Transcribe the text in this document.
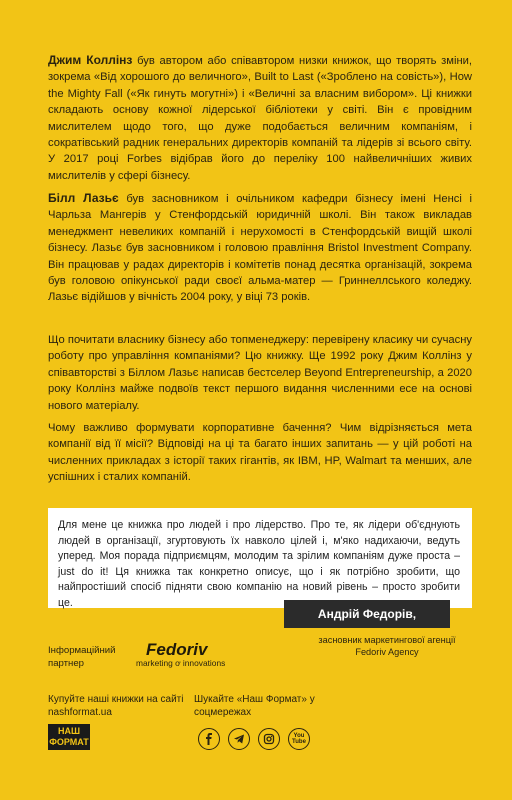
Джим Коллінз був автором або співавтором низки книжок, що творять зміни, зокрема «Від хорошого до величного», Built to Last («Зроблено на совість»), How the Mighty Fall («Як гинуть могутні») і «Величні за власним вибором». Ці книжки складають основу кожної лідерської бібліотеки у світі. Він є провідним мислителем щодо того, що дуже подобається величним компаніям, і сократівський радник генеральних директорів компаній та лідерів зі всього світу. У 2017 році Forbes відібрав його до переліку 100 найвеличніших живих мислителів у сфері бізнесу.
Білл Лазьє був засновником і очільником кафедри бізнесу імені Ненсі і Чарльза Мангерів у Стенфордській юридичній школі. Він також викладав менеджмент невеликих компаній і нерухомості в Стенфордській вищій школі бізнесу. Лазьє був засновником і головою правління Bristol Investment Company. Він працював у радах директорів і комітетів понад десятка організацій, зокрема був головою опікунської ради своєї альма-матер — Гриннеллського коледжу. Лазьє відійшов у вічність 2004 року, у віці 73 років.
Що почитати власнику бізнесу або топменеджеру: перевірену класику чи сучасну роботу про управління компаніями? Цю книжку. Ще 1992 року Джим Коллінз у співавторстві з Біллом Лазьє написав бестселер Beyond Entrepreneurship, а 2020 року Коллінз майже подвоїв текст першого видання численними есе на основі нового матеріалу.
Чому важливо формувати корпоративне бачення? Чим відрізняється мета компанії від її місії? Відповіді на ці та багато інших запитань — у цій роботі на численних прикладах з історії таких гігантів, як IBM, HP, Walmart та менших, але успішних і сталих компаній.
Для мене це книжка про людей і про лідерство. Про те, як лідери об'єднують людей в організації, згуртовують їх навколо цілей і, м'яко надихаючи, ведуть уперед. Моя порада підприємцям, молодим та зрілим компаніям дуже проста – just do it! Ця книжка так конкретно описує, що і як потрібно зробити, що найпростіший спосіб підняти свою компанію на новий рівень – просто зробити це.
Андрій Федорів,
засновник маркетингової агенції Fedoriv Agency
Інформаційний партнер
Fedoriv
marketing ơ innovations
Купуйте наші книжки на сайті nashformat.ua
Шукайте «Наш Формат» у соцмережах
НАШ
ФОРМАТ
You Tube
